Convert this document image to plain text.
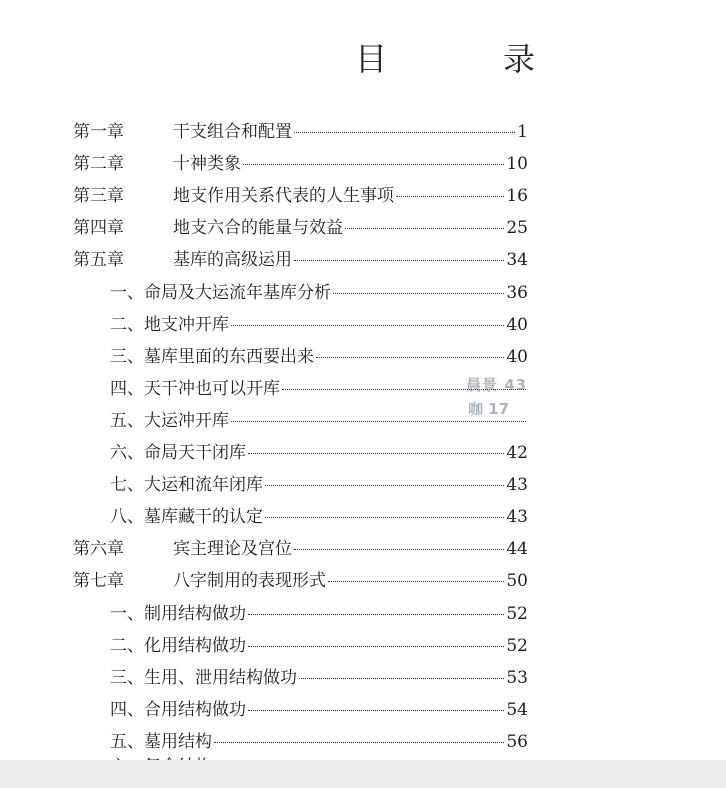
目　录
第一章	干支组合和配置	1
第二章	十神类象	10
第三章	地支作用关系代表的人生事项	16
第四章	地支六合的能量与效益	25
第五章	基库的高级运用	34
一、命局及大运流年基库分析	36
二、地支冲开库	40
三、墓库里面的东西要出来	40
四、天干冲也可以开库
五、大运冲开库
六、命局天干闭库	42
七、大运和流年闭库	43
八、墓库藏干的认定	43
第六章	宾主理论及宫位	44
第七章	八字制用的表现形式	50
一、制用结构做功	52
二、化用结构做功	52
三、生用、泄用结构做功	53
四、合用结构做功	54
五、墓用结构	56
晨景 43
咖 17
